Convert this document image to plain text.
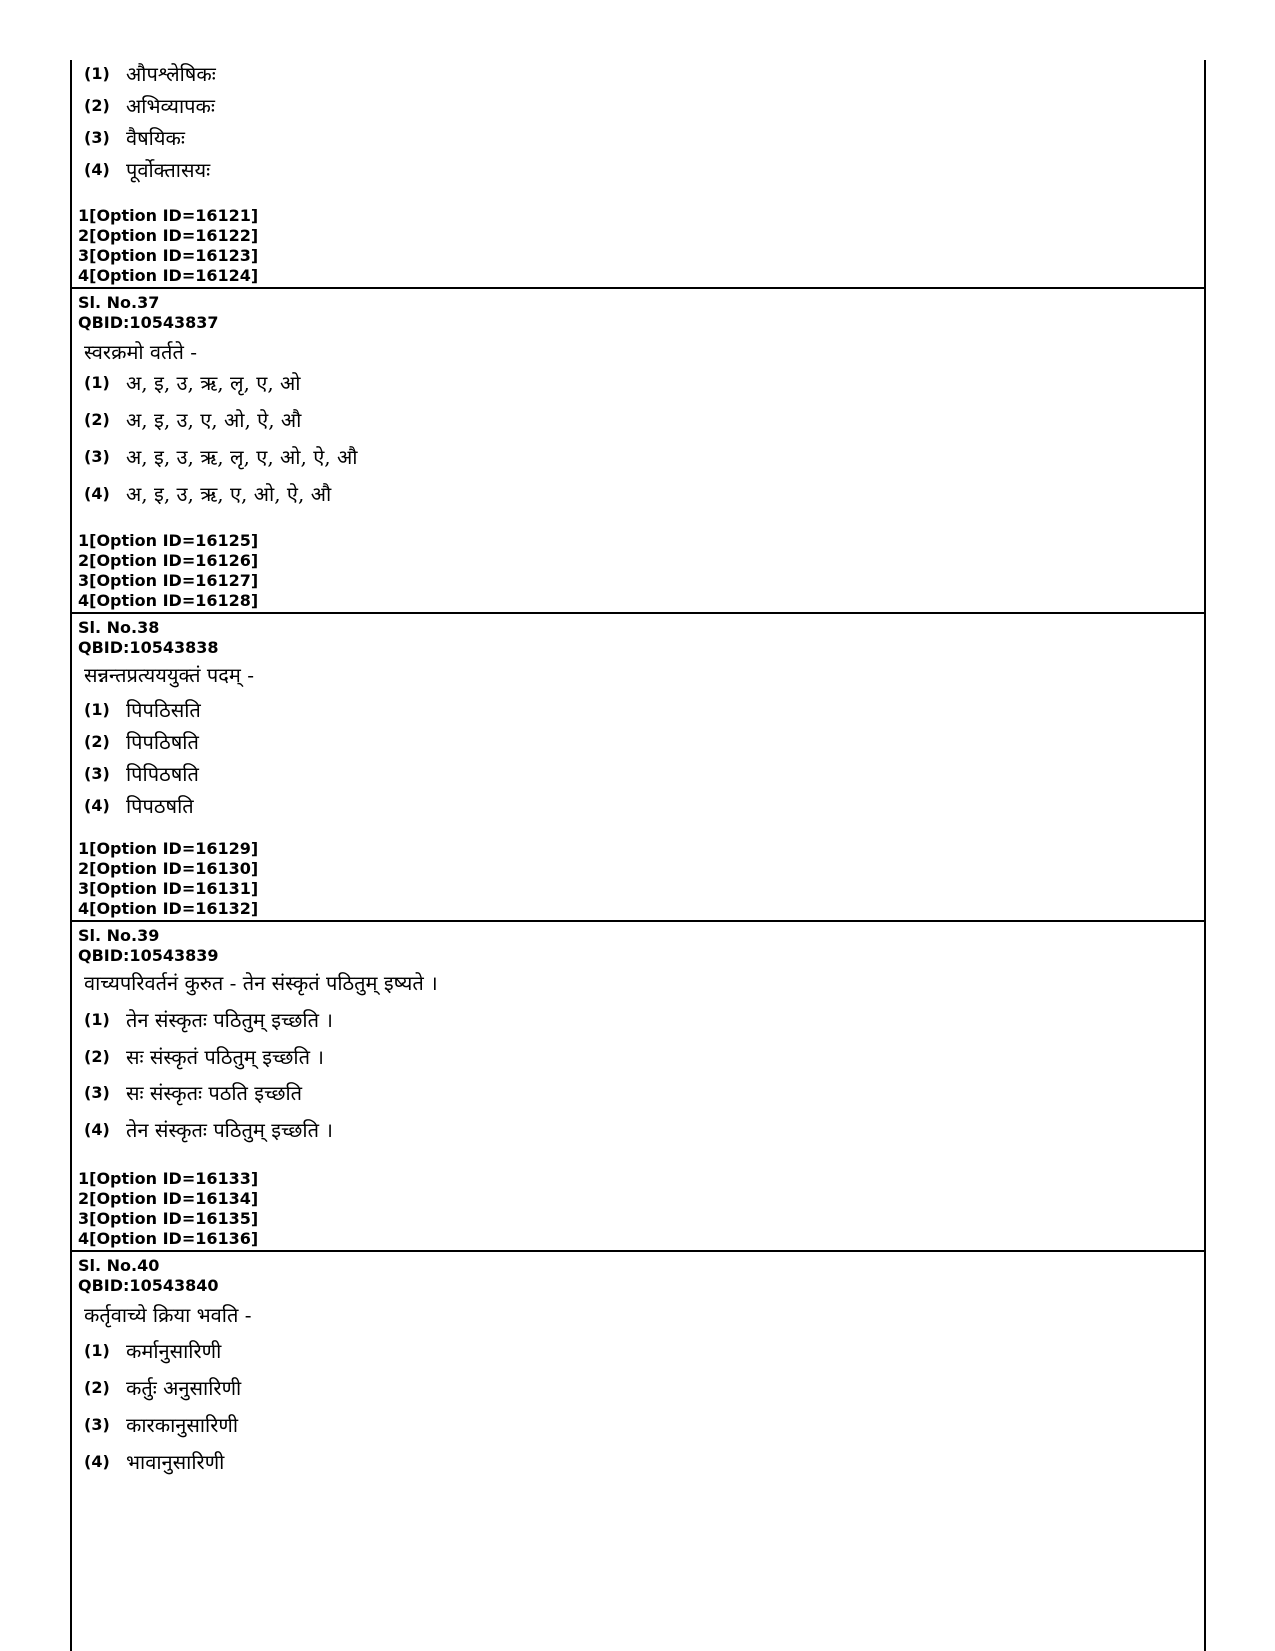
(1) औपश्लेषिकः
(2) अभिव्यापकः
(3) वैषयिकः
(4) पूर्वोक्तासयः
1[Option ID=16121]
2[Option ID=16122]
3[Option ID=16123]
4[Option ID=16124]
Sl. No.37
QBID:10543837
स्वरक्रमो वर्तते -
(1) अ, इ, उ, ऋ, लृ, ए, ओ
(2) अ, इ, उ, ए, ओ, ऐ, औ
(3) अ, इ, उ, ऋ, लृ, ए, ओ, ऐ, औ
(4) अ, इ, उ, ऋ, ए, ओ, ऐ, औ
1[Option ID=16125]
2[Option ID=16126]
3[Option ID=16127]
4[Option ID=16128]
Sl. No.38
QBID:10543838
सन्नन्तप्रत्यययुक्तं पदम् -
(1) पिपठिसति
(2) पिपठिषति
(3) पिपिठषति
(4) पिपठषति
1[Option ID=16129]
2[Option ID=16130]
3[Option ID=16131]
4[Option ID=16132]
Sl. No.39
QBID:10543839
वाच्यपरिवर्तनं कुरुत - तेन संस्कृतं पठितुम् इष्यते ।
(1) तेन संस्कृतः पठितुम् इच्छति ।
(2) सः संस्कृतं पठितुम् इच्छति ।
(3) सः संस्कृतः पठति इच्छति
(4) तेन संस्कृतः पठितुम् इच्छति ।
1[Option ID=16133]
2[Option ID=16134]
3[Option ID=16135]
4[Option ID=16136]
Sl. No.40
QBID:10543840
कर्तृवाच्ये क्रिया भवति -
(1) कर्मानुसारिणी
(2) कर्तुः अनुसारिणी
(3) कारकानुसारिणी
(4) भावानुसारिणी
